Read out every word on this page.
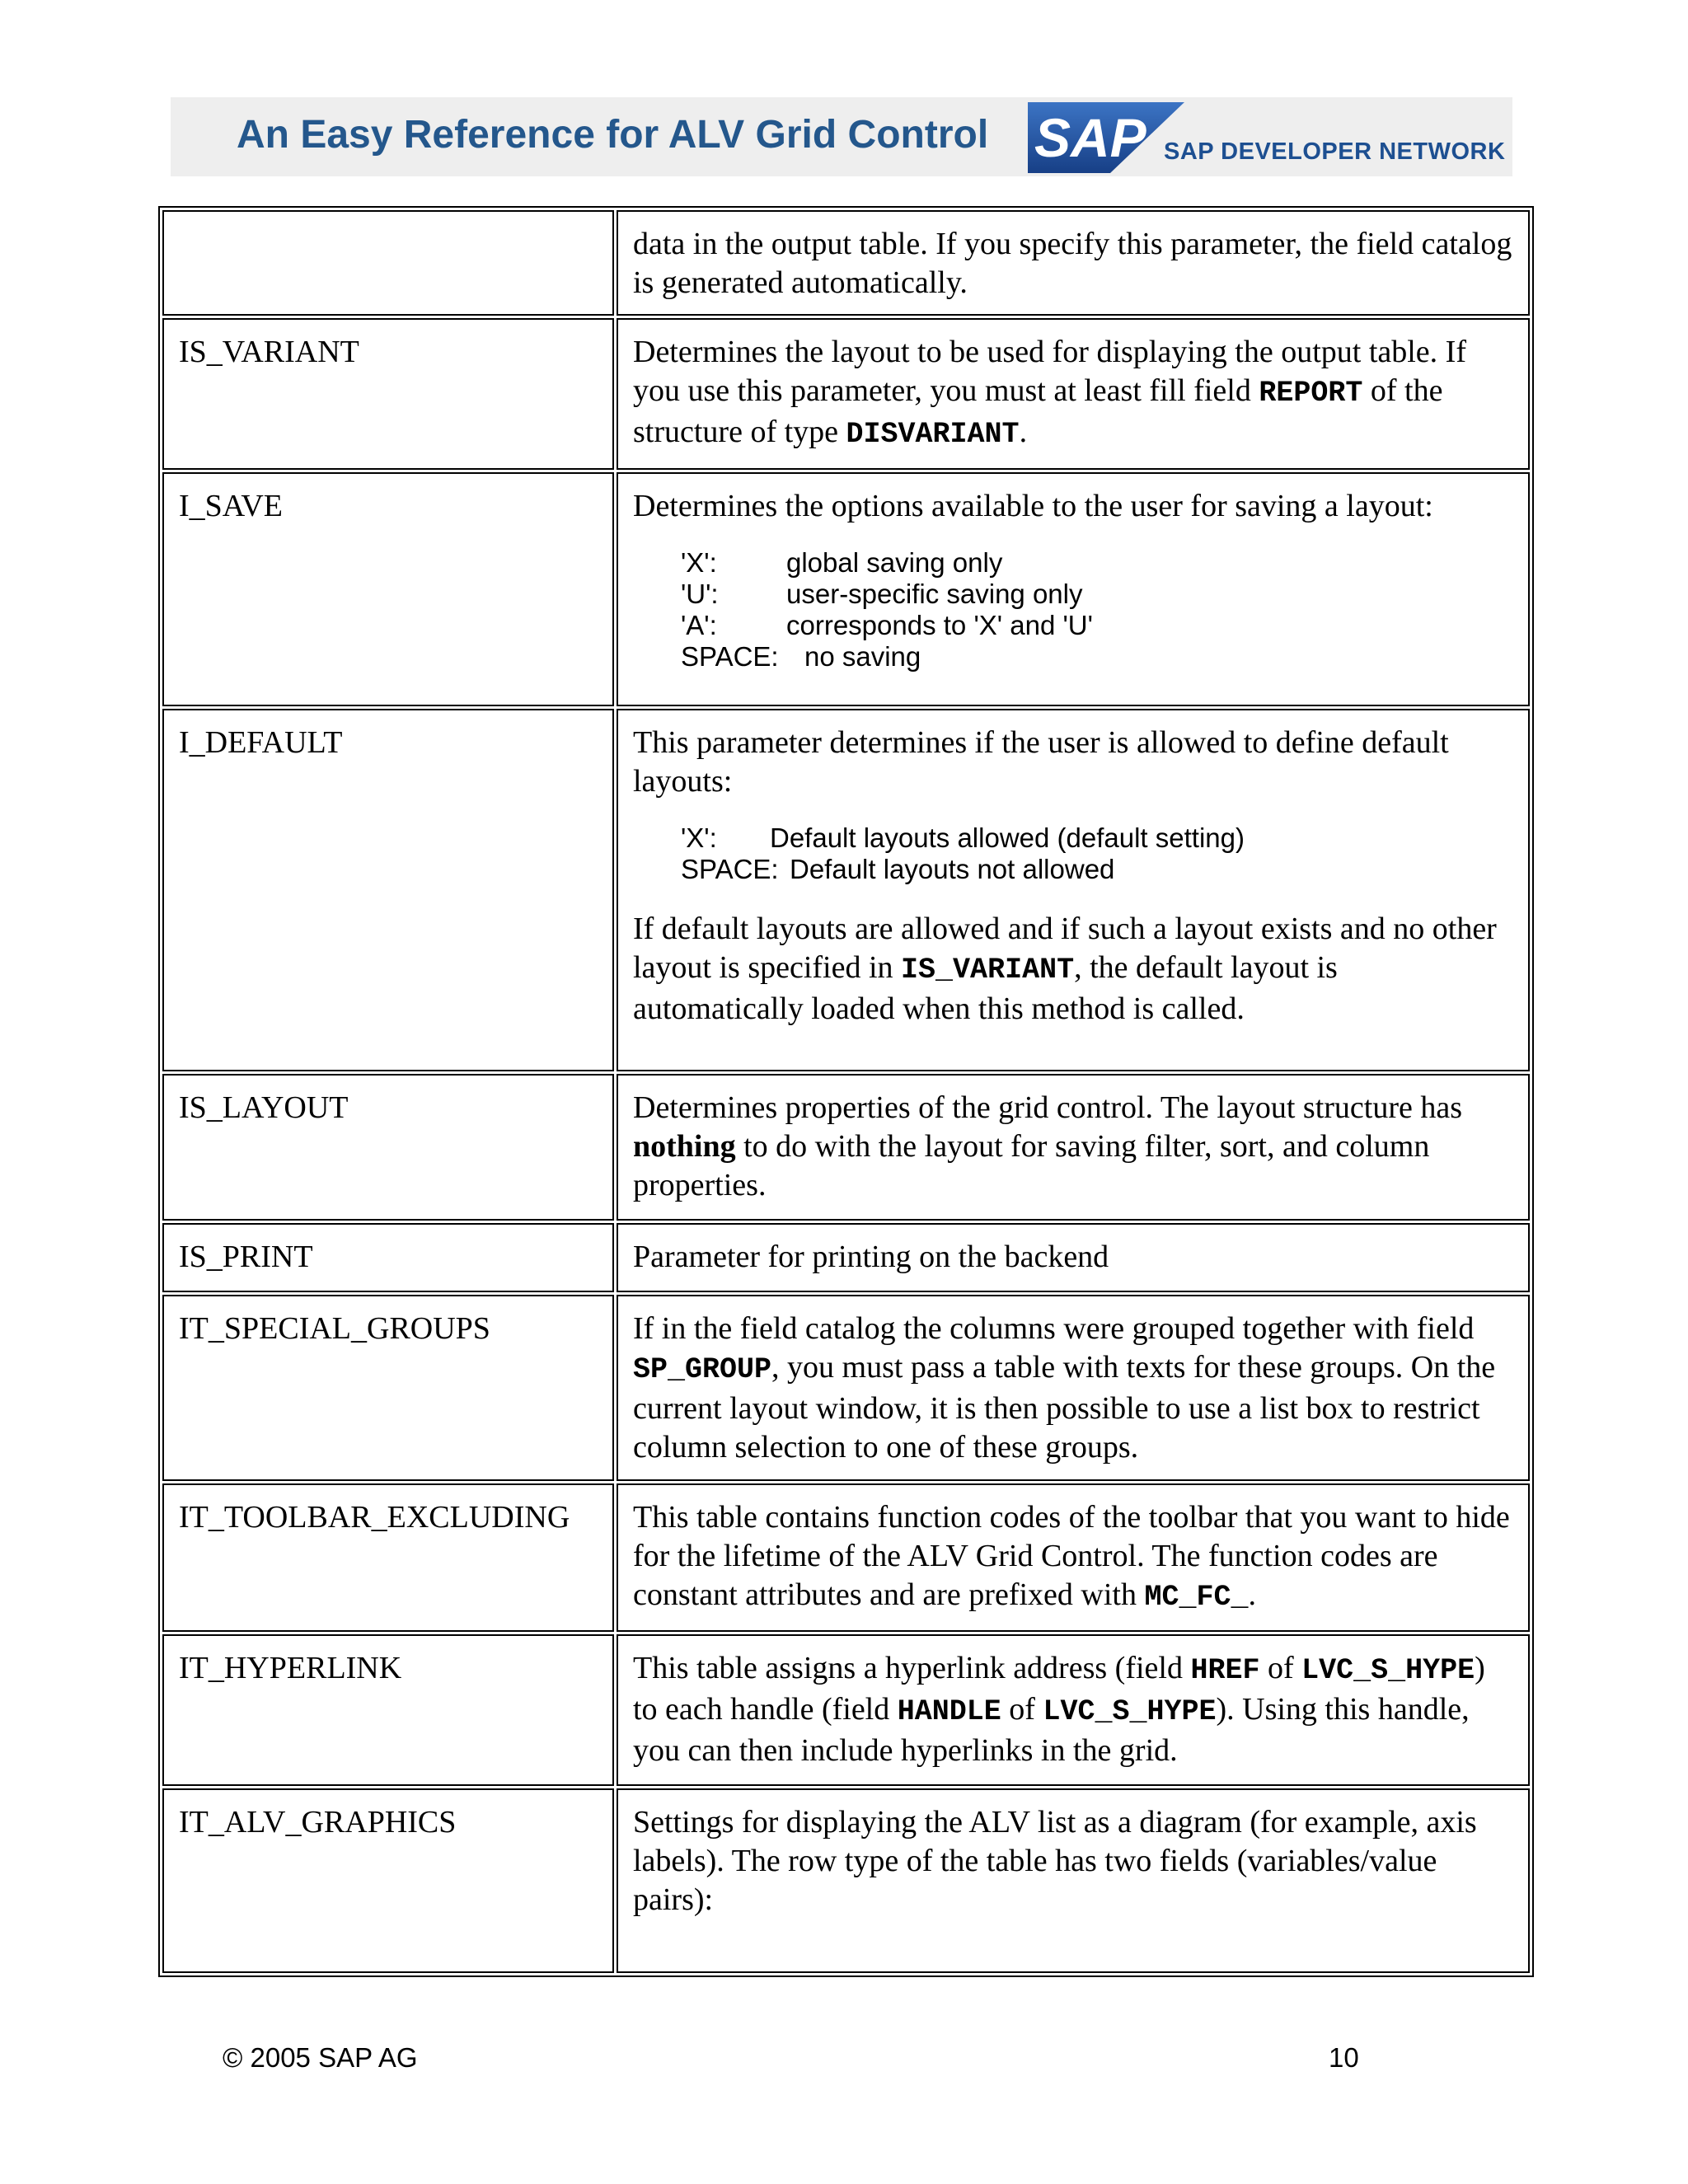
An Easy Reference for ALV Grid Control SAP SAP DEVELOPER NETWORK

	data in the output table. If you specify this parameter, the field catalog is generated automatically.

IS_VARIANT	Determines the layout to be used for displaying the output table. If you use this parameter, you must at least fill field REPORT of the structure of type DISVARIANT.

I_SAVE	Determines the options available to the user for saving a layout:

'X': global saving only
'U': user-specific saving only
'A': corresponds to 'X' and 'U'
SPACE: no saving

I_DEFAULT	This parameter determines if the user is allowed to define default layouts:

'X': Default layouts allowed (default setting)
SPACE: Default layouts not allowed

If default layouts are allowed and if such a layout exists and no other layout is specified in IS_VARIANT, the default layout is automatically loaded when this method is called.

IS_LAYOUT	Determines properties of the grid control. The layout structure has nothing to do with the layout for saving filter, sort, and column properties.

IS_PRINT	Parameter for printing on the backend

IT_SPECIAL_GROUPS	If in the field catalog the columns were grouped together with field SP_GROUP, you must pass a table with texts for these groups. On the current layout window, it is then possible to use a list box to restrict column selection to one of these groups.

IT_TOOLBAR_EXCLUDING	This table contains function codes of the toolbar that you want to hide for the lifetime of the ALV Grid Control. The function codes are constant attributes and are prefixed with MC_FC_.

IT_HYPERLINK	This table assigns a hyperlink address (field HREF of LVC_S_HYPE) to each handle (field HANDLE of LVC_S_HYPE). Using this handle, you can then include hyperlinks in the grid.

IT_ALV_GRAPHICS	Settings for displaying the ALV list as a diagram (for example, axis labels). The row type of the table has two fields (variables/value pairs):

© 2005 SAP AG	10
